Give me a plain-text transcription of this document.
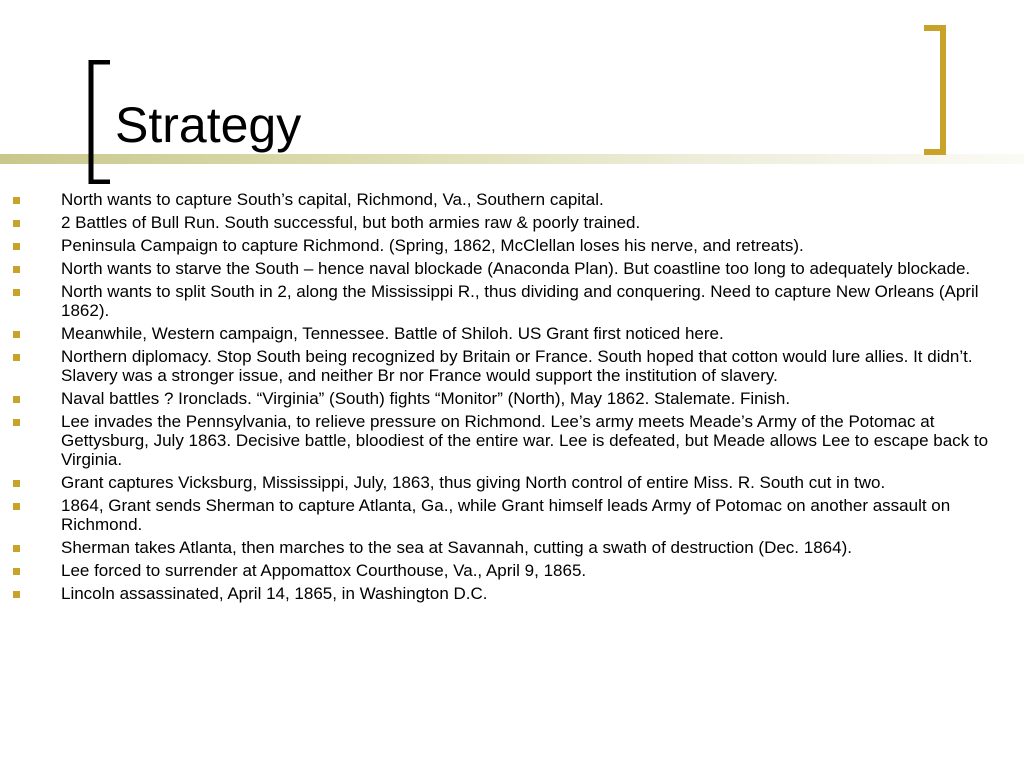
Strategy
North wants to capture South’s capital, Richmond, Va., Southern capital.
2 Battles of Bull Run. South successful, but both armies raw & poorly trained.
Peninsula Campaign to capture Richmond. (Spring, 1862, McClellan loses his nerve, and retreats).
North wants to starve the South – hence naval blockade (Anaconda Plan). But coastline too long to adequately blockade.
North wants to split South in 2, along the Mississippi R., thus dividing and conquering. Need to capture New Orleans (April 1862).
Meanwhile, Western campaign, Tennessee. Battle of Shiloh. US Grant first noticed here.
Northern diplomacy. Stop South being recognized by Britain or France. South hoped that cotton would lure allies. It didn’t. Slavery was a stronger issue, and neither Br nor France would support the institution of slavery.
Naval battles ? Ironclads. “Virginia” (South) fights “Monitor” (North), May 1862. Stalemate. Finish.
Lee invades the Pennsylvania, to relieve pressure on Richmond. Lee’s army meets Meade’s Army of the Potomac at Gettysburg, July 1863. Decisive battle, bloodiest of the entire war. Lee is defeated, but Meade allows Lee to escape back to Virginia.
Grant captures Vicksburg, Mississippi, July, 1863, thus giving North control of entire Miss. R. South cut in two.
1864, Grant sends Sherman to capture Atlanta, Ga., while Grant himself leads Army of Potomac on another assault on Richmond.
Sherman takes Atlanta, then marches to the sea at Savannah, cutting a swath of destruction (Dec. 1864).
Lee forced to surrender at Appomattox Courthouse, Va., April 9, 1865.
Lincoln assassinated, April 14, 1865, in Washington D.C.
